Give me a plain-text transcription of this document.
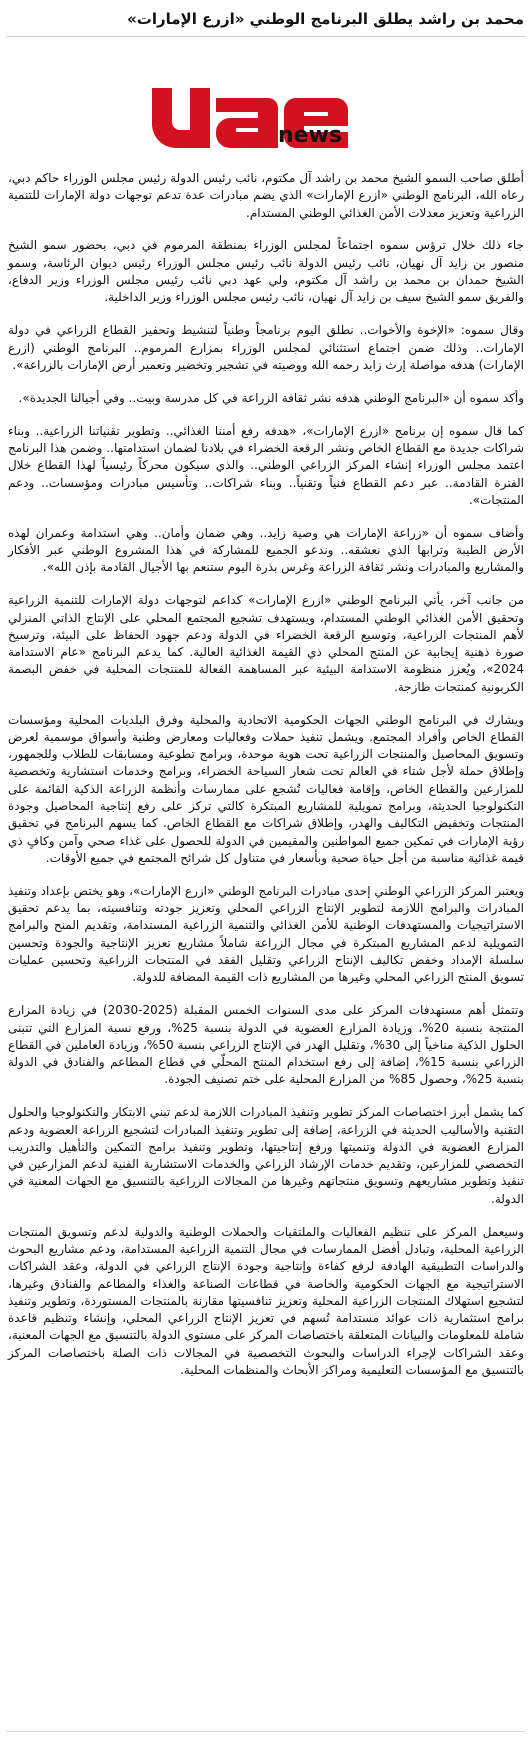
محمد بن راشد يطلق البرنامج الوطني «ازرع الإمارات»
news

أطلق صاحب السمو الشيخ محمد بن راشد آل مكتوم، نائب رئيس الدولة رئيس مجلس الوزراء حاكم دبي، رعاه الله، البرنامج الوطني «ازرع الإمارات» الذي يضم مبادرات عدة تدعم توجهات دولة الإمارات للتنمية الزراعية وتعزيز معدلات الأمن الغذائي الوطني المستدام.

جاء ذلك خلال ترؤس سموه اجتماعاً لمجلس الوزراء بمنطقة المرموم في دبي، بحضور سمو الشيخ منصور بن زايد آل نهيان، نائب رئيس الدولة نائب رئيس مجلس الوزراء رئيس ديوان الرئاسة، وسمو الشيخ حمدان بن محمد بن راشد آل مكتوم، ولي عهد دبي نائب رئيس مجلس الوزراء وزير الدفاع، والفريق سمو الشيخ سيف بن زايد آل نهيان، نائب رئيس مجلس الوزراء وزير الداخلية.

وقال سموه: «الإخوة والأخوات.. نطلق اليوم برنامجاً وطنياً لتنشيط وتحفيز القطاع الزراعي في دولة الإمارات.. وذلك ضمن اجتماع استثنائي لمجلس الوزراء بمزارع المرموم.. البرنامج الوطني (ازرع الإمارات) هدفه مواصلة إرث زايد رحمه الله ووصيته في تشجير وتخضير وتعمير أرض الإمارات بالزراعة».

وأكد سموه أن «البرنامج الوطني هدفه نشر ثقافة الزراعة في كل مدرسة وبيت.. وفي أجيالنا الجديدة».

كما قال سموه إن برنامج «ازرع الإمارات»، «هدفه رفع أمننا الغذائي.. وتطوير تقنياتنا الزراعية.. وبناء شراكات جديدة مع القطاع الخاص ونشر الرقعة الخضراء في بلادنا لضمان استدامتها.. وضمن هذا البرنامج اعتمد مجلس الوزراء إنشاء المركز الزراعي الوطني.. والذي سيكون محركاً رئيسياً لهذا القطاع خلال الفترة القادمة.. عبر دعم القطاع فنياً وتقنياً.. وبناء شراكات.. وتأسيس مبادرات ومؤسسات.. ودعم المنتجات».

وأضاف سموه أن «زراعة الإمارات هي وصية زايد.. وهي ضمان وأمان.. وهي استدامة وعمران لهذه الأرض الطيبة وترابها الذي نعشقه.. وندعو الجميع للمشاركة في هذا المشروع الوطني عبر الأفكار والمشاريع والمبادرات ونشر ثقافة الزراعة وغرس بذرة اليوم ستنعم بها الأجيال القادمة بإذن الله».

من جانب آخر، يأتي البرنامج الوطني «ازرع الإمارات» كداعم لتوجهات دولة الإمارات للتنمية الزراعية وتحقيق الأمن الغذائي الوطني المستدام، ويستهدف تشجيع المجتمع المحلي على الإنتاج الذاتي المنزلي لأهم المنتجات الزراعية، وتوسيع الرقعة الخضراء في الدولة ودعم جهود الحفاظ على البيئة، وترسيخ صورة ذهنية إيجابية عن المنتج المحلي ذي القيمة الغذائية العالية. كما يدعم البرنامج «عام الاستدامة 2024»، ويُعزز منظومة الاستدامة البيئية عبر المساهمة الفعالة للمنتجات المحلية في خفض البصمة الكربونية كمنتجات طازجة.

ويشارك في البرنامج الوطني الجهات الحكومية الاتحادية والمحلية وفرق البلديات المحلية ومؤسسات القطاع الخاص وأفراد المجتمع. ويشمل تنفيذ حملات وفعاليات ومعارض وطنية وأسواق موسمية لعرض وتسويق المحاصيل والمنتجات الزراعية تحت هوية موحدة، وبرامج تطوعية ومسابقات للطلاب وللجمهور، وإطلاق حملة لأجل شتاء في العالم تحت شعار السياحة الخضراء، وبرامج وخدمات استشارية وتخصصية للمزارعين والقطاع الخاص، وإقامة فعاليات تُشجع على ممارسات وأنظمة الزراعة الذكية القائمة على التكنولوجيا الحديثة، وبرامج تمويلية للمشاريع المبتكرة كالتي تركز على رفع إنتاجية المحاصيل وجودة المنتجات وتخفيض التكاليف والهدر، وإطلاق شراكات مع القطاع الخاص. كما يسهم البرنامج في تحقيق رؤية الإمارات في تمكين جميع المواطنين والمقيمين في الدولة للحصول على غذاء صحي وآمن وكافٍ ذي قيمة غذائية مناسبة من أجل حياة صحية وبأسعار في متناول كل شرائح المجتمع في جميع الأوقات.

ويعتبر المركز الزراعي الوطني إحدى مبادرات البرنامج الوطني «ازرع الإمارات»، وهو يختص بإعداد وتنفيذ المبادرات والبرامج اللازمة لتطوير الإنتاج الزراعي المحلي وتعزيز جودته وتنافسيته، بما يدعم تحقيق الاستراتيجيات والمستهدفات الوطنية للأمن الغذائي والتنمية الزراعية المستدامة، وتقديم المنح والبرامج التمويلية لدعم المشاريع المبتكرة في مجال الزراعة شاملاً مشاريع تعزيز الإنتاجية والجودة وتحسين سلسلة الإمداد وخفض تكاليف الإنتاج الزراعي وتقليل الفقد في المنتجات الزراعية وتحسين عمليات تسويق المنتج الزراعي المحلي وغيرها من المشاريع ذات القيمة المضافة للدولة.

وتتمثل أهم مستهدفات المركز على مدى السنوات الخمس المقبلة (2025-2030) في زيادة المزارع المنتجة بنسبة 20%، وزيادة المزارع العضوية في الدولة بنسبة 25%، ورفع نسبة المزارع التي تتبنى الحلول الذكية مناخياً إلى 30%، وتقليل الهدر في الإنتاج الزراعي بنسبة 50%، وزيادة العاملين في القطاع الزراعي بنسبة 15%، إضافة إلى رفع استخدام المنتج المحلّي في قطاع المطاعم والفنادق في الدولة بنسبة 25%، وحصول 85% من المزارع المحلية على ختم تصنيف الجودة.

كما يشمل أبرز اختصاصات المركز تطوير وتنفيذ المبادرات اللازمة لدعم تبني الابتكار والتكنولوجيا والحلول التقنية والأساليب الحديثة في الزراعة، إضافة إلى تطوير وتنفيذ المبادرات لتشجيع الزراعة العضوية ودعم المزارع العضوية في الدولة وتنميتها ورفع إنتاجيتها، وتطوير وتنفيذ برامج التمكين والتأهيل والتدريب التخصصي للمزارعين، وتقديم خدمات الإرشاد الزراعي والخدمات الاستشارية الفنية لدعم المزارعين في تنفيذ وتطوير مشاريعهم وتسويق منتجاتهم وغيرها من المجالات الزراعية بالتنسيق مع الجهات المعنية في الدولة.

وسيعمل المركز على تنظيم الفعاليات والملتقيات والحملات الوطنية والدولية لدعم وتسويق المنتجات الزراعية المحلية، وتبادل أفضل الممارسات في مجال التنمية الزراعية المستدامة، ودعم مشاريع البحوث والدراسات التطبيقية الهادفة لرفع كفاءة وإنتاجية وجودة الإنتاج الزراعي في الدولة، وعقد الشراكات الاستراتيجية مع الجهات الحكومية والخاصة في قطاعات الصناعة والغذاء والمطاعم والفنادق وغيرها، لتشجيع استهلاك المنتجات الزراعية المحلية وتعزيز تنافسيتها مقارنة بالمنتجات المستوردة، وتطوير وتنفيذ برامج استثمارية ذات عوائد مستدامة تُسهم في تعزيز الإنتاج الزراعي المحلي، وإنشاء وتنظيم قاعدة شاملة للمعلومات والبيانات المتعلقة باختصاصات المركز على مستوى الدولة بالتنسيق مع الجهات المعنية، وعقد الشراكات لإجراء الدراسات والبحوث التخصصية في المجالات ذات الصلة باختصاصات المركز بالتنسيق مع المؤسسات التعليمية ومراكز الأبحاث والمنظمات المحلية.
